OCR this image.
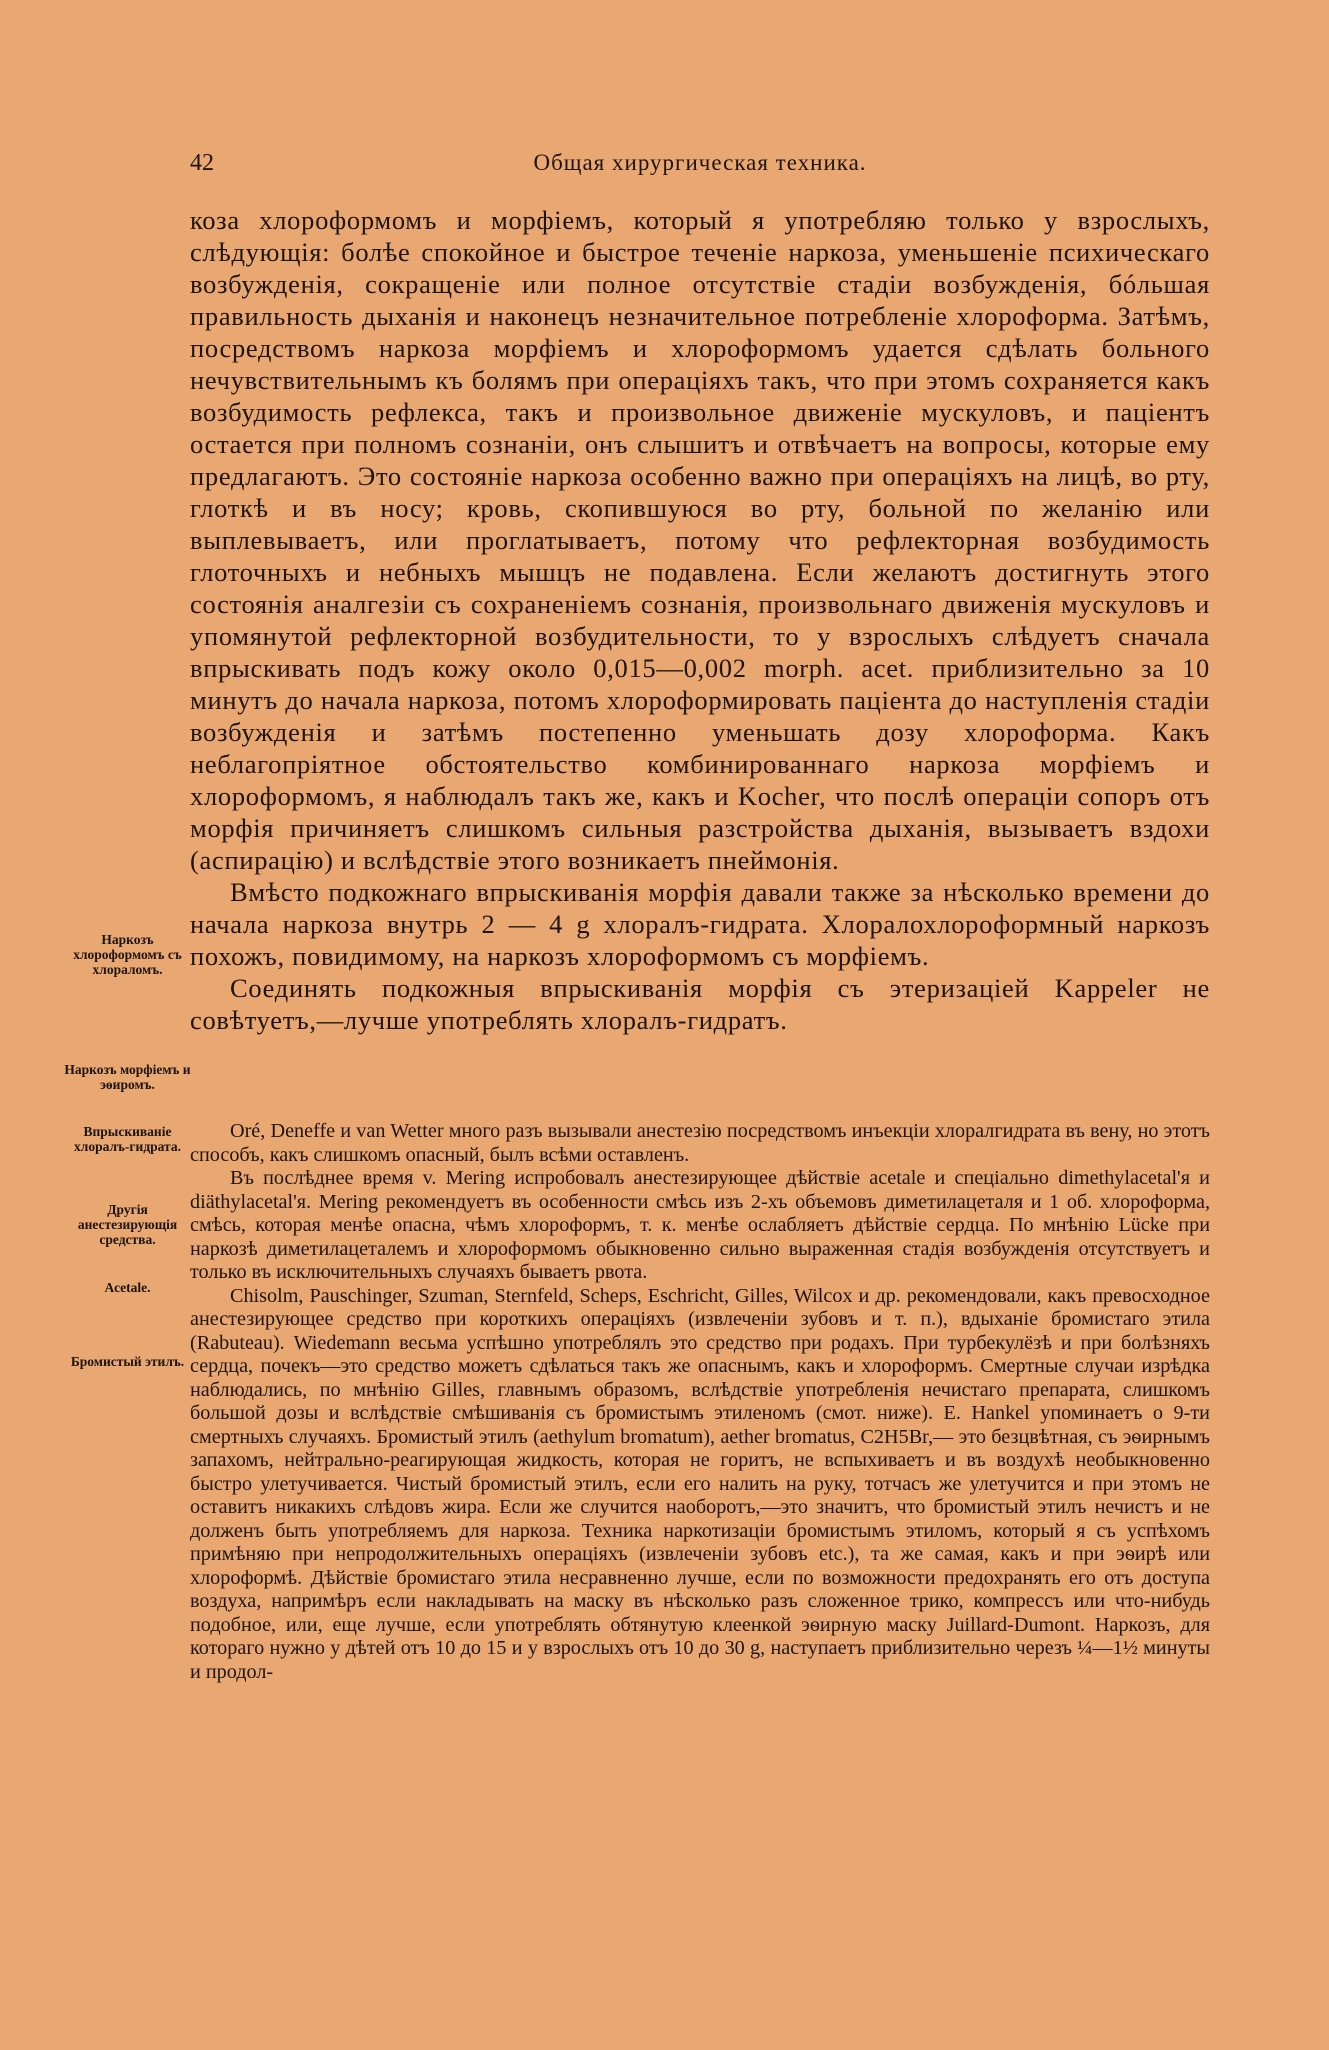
42	Общая хирургическая техника.

коза хлороформомъ и морфіемъ, который я употребляю только у взрослыхъ, слѣдующія: болѣе спокойное и быстрое теченіе наркоза, уменьшеніе психическаго возбужденія, сокращеніе или полное отсутствіе стадіи возбужденія, бóльшая правильность дыханія и наконецъ незначительное потребленіе хлороформа. Затѣмъ, посредствомъ наркоза морфіемъ и хлороформомъ удается сдѣлать больного нечувствительнымъ къ болямъ при операціяхъ такъ, что при этомъ сохраняется какъ возбудимость рефлекса, такъ и произвольное движеніе мускуловъ, и паціентъ остается при полномъ сознаніи, онъ слышитъ и отвѣчаетъ на вопросы, которые ему предлагаютъ. Это состояніе наркоза особенно важно при операціяхъ на лицѣ, во рту, глоткѣ и въ носу; кровь, скопившуюся во рту, больной по желанію или выплевываетъ, или проглатываетъ, потому что рефлекторная возбудимость глоточныхъ и небныхъ мышцъ не подавлена. Если желаютъ достигнуть этого состоянія аналгезіи съ сохраненіемъ сознанія, произвольнаго движенія мускуловъ и упомянутой рефлекторной возбудительности, то у взрослыхъ слѣдуетъ сначала впрыскивать подъ кожу около 0,015—0,002 morph. acet. приблизительно за 10 минутъ до начала наркоза, потомъ хлороформировать паціента до наступленія стадіи возбужденія и затѣмъ постепенно уменьшать дозу хлороформа. Какъ неблагопріятное обстоятельство комбинированнаго наркоза морфіемъ и хлороформомъ, я наблюдалъ такъ же, какъ и Kocher, что послѣ операціи сопоръ отъ морфія причиняетъ слишкомъ сильныя разстройства дыханія, вызываетъ вздохи (аспирацію) и вслѣдствіе этого возникаетъ пнеймонія.

Вмѣсто подкожнаго впрыскиванія морфія давали также за нѣсколько времени до начала наркоза внутрь 2 — 4 g хлоралъ-гидрата. Хлоралохлороформный наркозъ похожъ, повидимому, на наркозъ хлороформомъ съ морфіемъ.

Соединять подкожныя впрыскиванія морфія съ этеризаціей Kappeler не совѣтуетъ,—лучше употреблять хлоралъ-гидратъ.

Oré, Deneffe и van Wetter много разъ вызывали анестезію посредствомъ инъекціи хлоралгидрата въ вену, но этотъ способъ, какъ слишкомъ опасный, былъ всѣми оставленъ.

Въ послѣднее время v. Mering испробовалъ анестезирующее дѣйствіе acetale и спеціально dimethylacetal'я и diäthylacetal'я. Mering рекомендуетъ въ особенности смѣсь изъ 2-хъ объемовъ диметилацеталя и 1 об. хлороформа, смѣсь, которая менѣе опасна, чѣмъ хлороформъ, т. к. менѣе ослабляетъ дѣйствіе сердца. По мнѣнію Lücke при наркозѣ диметилацеталемъ и хлороформомъ обыкновенно сильно выраженная стадія возбужденія отсутствуетъ и только въ исключительныхъ случаяхъ бываетъ рвота.

Chisolm, Pauschinger, Szuman, Sternfeld, Scheps, Eschricht, Gilles, Wilcox и др. рекомендовали, какъ превосходное анестезирующее средство при короткихъ операціяхъ (извлеченіи зубовъ и т. п.), вдыханіе бромистаго этила (Rabuteau). Wiedemann весьма успѣшно употреблялъ это средство при родахъ. При турбекулёзѣ и при болѣзняхъ сердца, почекъ—это средство можетъ сдѣлаться такъ же опаснымъ, какъ и хлороформъ. Смертные случаи изрѣдка наблюдались, по мнѣнію Gilles, главнымъ образомъ, вслѣдствіе употребленія нечистаго препарата, слишкомъ большой дозы и вслѣдствіе смѣшиванія съ бромистымъ этиленомъ (смот. ниже). E. Hankel упоминаетъ о 9-ти смертныхъ случаяхъ. Бромистый этилъ (aethylum bromatum), aether bromatus, C2H5Br,— это безцвѣтная, съ эѳирнымъ запахомъ, нейтрально-реагирующая жидкость, которая не горитъ, не вспыхиваетъ и въ воздухѣ необыкновенно быстро улетучивается. Чистый бромистый этилъ, если его налить на руку, тотчасъ же улетучится и при этомъ не оставитъ никакихъ слѣдовъ жира. Если же случится наоборотъ,—это значитъ, что бромистый этилъ нечистъ и не долженъ быть употребляемъ для наркоза. Техника наркотизаціи бромистымъ этиломъ, который я съ успѣхомъ примѣняю при непродолжительныхъ операціяхъ (извлеченіи зубовъ etc.), та же самая, какъ и при эѳирѣ или хлороформѣ. Дѣйствіе бромистаго этила несравненно лучше, если по возможности предохранять его отъ доступа воздуха, напримѣръ если накладывать на маску въ нѣсколько разъ сложенное трико, компрессъ или что-нибудь подобное, или, еще лучше, если употреблять обтянутую клеенкой эѳирную маску Juillard-Dumont. Наркозъ, для котораго нужно у дѣтей отъ 10 до 15 и у взрослыхъ отъ 10 до 30 g, наступаетъ приблизительно черезъ ¼—1½ минуты и продол-

Наркозъ хлороформомъ съ хлораломъ.
Наркозъ морфіемъ и эѳиромъ.
Впрыскиваніе хлоралъ-гидрата.
Другія анестезирующія средства.
Acetale.
Бромистый этилъ.
